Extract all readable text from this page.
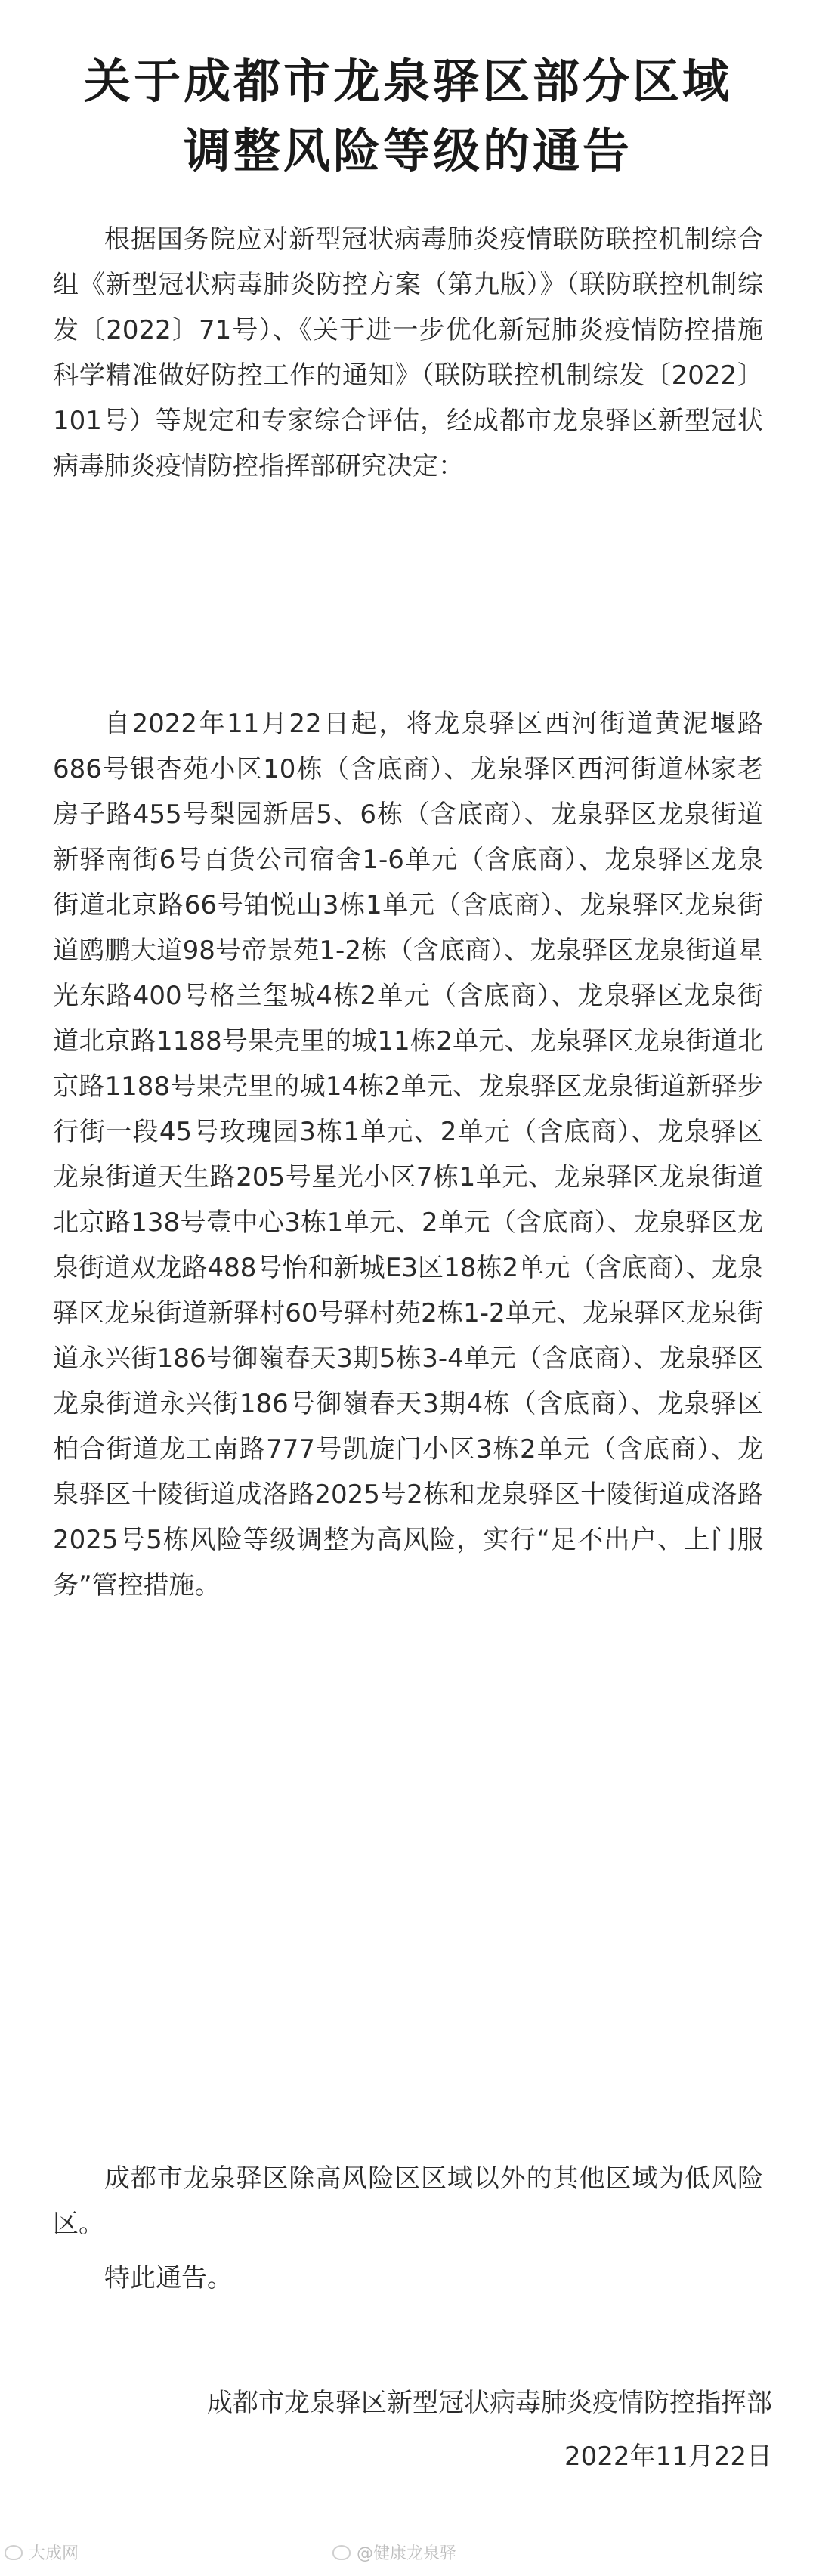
关于成都市龙泉驿区部分区域
调整风险等级的通告

根据国务院应对新型冠状病毒肺炎疫情联防联控机制综合组《新型冠状病毒肺炎防控方案（第九版）》（联防联控机制综发〔2022〕71号）、《关于进一步优化新冠肺炎疫情防控措施 科学精准做好防控工作的通知》（联防联控机制综发〔2022〕101号）等规定和专家综合评估，经成都市龙泉驿区新型冠状病毒肺炎疫情防控指挥部研究决定：

自2022年11月22日起，将龙泉驿区西河街道黄泥堰路686号银杏苑小区10栋（含底商）、龙泉驿区西河街道林家老房子路455号梨园新居5、6栋（含底商）、龙泉驿区龙泉街道新驿南街6号百货公司宿舍1-6单元（含底商）、龙泉驿区龙泉街道北京路66号铂悦山3栋1单元（含底商）、龙泉驿区龙泉街道鸥鹏大道98号帝景苑1-2栋（含底商）、龙泉驿区龙泉街道星光东路400号格兰玺城4栋2单元（含底商）、龙泉驿区龙泉街道北京路1188号果壳里的城11栋2单元、龙泉驿区龙泉街道北京路1188号果壳里的城14栋2单元、龙泉驿区龙泉街道新驿步行街一段45号玫瑰园3栋1单元、2单元（含底商）、龙泉驿区龙泉街道天生路205号星光小区7栋1单元、龙泉驿区龙泉街道北京路138号壹中心3栋1单元、2单元（含底商）、龙泉驿区龙泉街道双龙路488号怡和新城E3区18栋2单元（含底商）、龙泉驿区龙泉街道新驿村60号驿村苑2栋1-2单元、龙泉驿区龙泉街道永兴街186号御嶺春天3期5栋3-4单元（含底商）、龙泉驿区龙泉街道永兴街186号御嶺春天3期4栋（含底商）、龙泉驿区柏合街道龙工南路777号凯旋门小区3栋2单元（含底商）、龙泉驿区十陵街道成洛路2025号2栋和龙泉驿区十陵街道成洛路2025号5栋风险等级调整为高风险，实行“足不出户、上门服务”管控措施。

成都市龙泉驿区除高风险区区域以外的其他区域为低风险区。

特此通告。

成都市龙泉驿区新型冠状病毒肺炎疫情防控指挥部
2022年11月22日
大成网	@健康龙泉驿
